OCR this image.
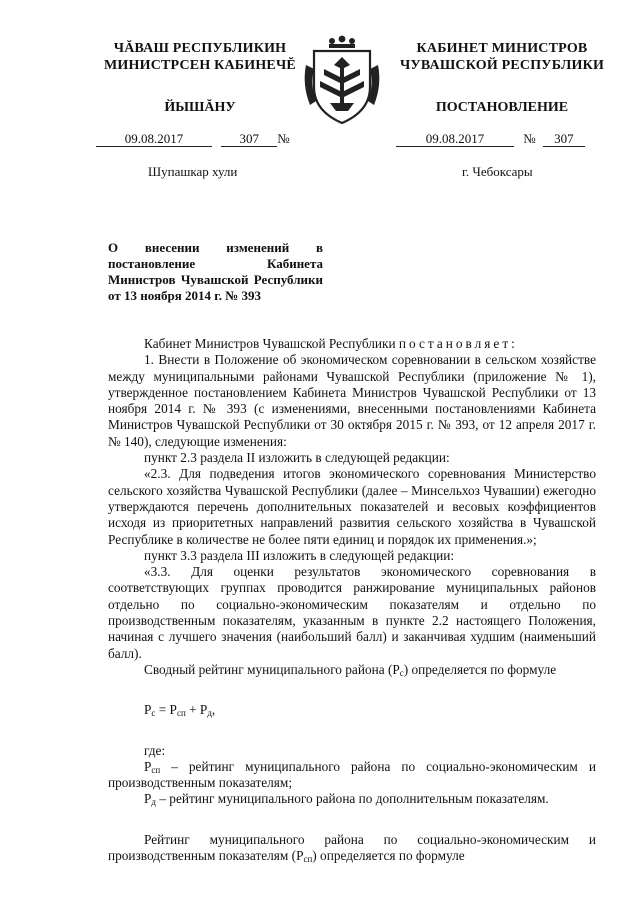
ЧĂВАШ РЕСПУБЛИКИН
МИНИСТРСЕН КАБИНЕЧĔ
ЙЫШĂНУ
КАБИНЕТ МИНИСТРОВ
ЧУВАШСКОЙ РЕСПУБЛИКИ
ПОСТАНОВЛЕНИЕ
09.08.2017	307 №	09.08.2017	№ 307
Шупашкар хули	г. Чебоксары
О внесении изменений в постановление Кабинета Министров Чувашской Республики от 13 ноября 2014 г. № 393

Кабинет Министров Чувашской Республики постановляет:

1. Внести в Положение об экономическом соревновании в сельском хозяйстве между муниципальными районами Чувашской Республики (приложение № 1), утвержденное постановлением Кабинета Министров Чувашской Республики от 13 ноября 2014 г. № 393 (с изменениями, внесенными постановлениями Кабинета Министров Чувашской Республики от 30 октября 2015 г. № 393, от 12 апреля 2017 г. № 140), следующие изменения:

пункт 2.3 раздела II изложить в следующей редакции:

«2.3. Для подведения итогов экономического соревнования Министерство сельского хозяйства Чувашской Республики (далее – Минсельхоз Чувашии) ежегодно утверждаются перечень дополнительных показателей и весовых коэффициентов исходя из приоритетных направлений развития сельского хозяйства в Чувашской Республике в количестве не более пяти единиц и порядок их применения.»;

пункт 3.3 раздела III изложить в следующей редакции:

«3.3. Для оценки результатов экономического соревнования в соответствующих группах проводится ранжирование муниципальных районов отдельно по социально-экономическим показателям и отдельно по производственным показателям, указанным в пункте 2.2 настоящего Положения, начиная с лучшего значения (наибольший балл) и заканчивая худшим (наименьший балл).

Сводный рейтинг муниципального района $(Р_с)$ определяется по формуле

$Р_с = Р_{сп} + Р_д$,

где:

$Р_{сп}$ – рейтинг муниципального района по социально-экономическим и производственным показателям;

$Р_д$ – рейтинг муниципального района по дополнительным показателям.

Рейтинг муниципального района по социально-экономическим и производственным показателям $(Р_{сп})$ определяется по формуле
